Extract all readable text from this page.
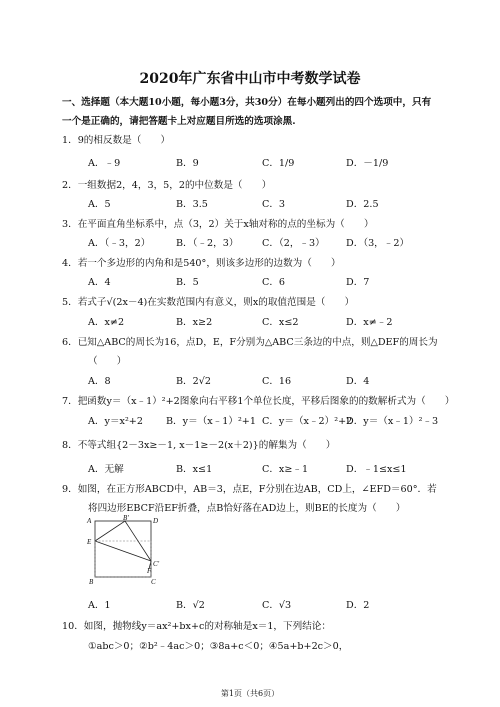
2020年广东省中山市中考数学试卷
一、选择题（本大题10小题，每小题3分，共30分）在每小题列出的四个选项中，只有
一个是正确的，请把答题卡上对应题目所选的选项涂黑.
1．9的相反数是（　　）
A．﹣9	B．9	C．1/9	D．－1/9
2．一组数据2，4，3，5，2的中位数是（　　）
A．5	B．3.5	C．3	D．2.5
3．在平面直角坐标系中，点（3，2）关于x轴对称的点的坐标为（　　）
A．（﹣3，2）	B．（﹣2，3） C．（2，﹣3） D．（3，﹣2）
4．若一个多边形的内角和是540°，则该多边形的边数为（　　）
A．4	B．5	C．6	D．7
5．若式子√(2x－4)在实数范围内有意义，则x的取值范围是（　　）
A．x≠2	B．x≥2	C．x≤2	D．x≠﹣2
6．已知△ABC的周长为16，点D，E，F分别为△ABC三条边的中点，则△DEF的周长为
（　　）
A．8	B．2√2	C．16	D．4
7．把函数y＝（x﹣1）²+2图象向右平移1个单位长度，平移后图象的的数解析式为（　　）
A．y＝x²+2 B．y＝（x﹣1）²+1 C．y＝（x﹣2）²+2
D．y＝（x﹣1）²﹣3
8．不等式组{2－3x≥－1, x－1≥－2(x＋2)}的解集为（　　）
A．无解	B．x≤1	C．x≥﹣1	D．﹣1≤x≤1
9．如图，在正方形ABCD中，AB＝3，点E，F分别在边AB，CD上，∠EFD＝60°．若
将四边形EBCF沿EF折叠，点B恰好落在AD边上，则BE的长度为（　　）
A	B′	D
E
C′
F
B	C
A．1	B．√2	C．√3	D．2
10．如图，抛物线y＝ax²+bx+c的对称轴是x＝1，下列结论：
①abc＞0；②b²﹣4ac＞0；③8a+c＜0；④5a+b+2c＞0，
第1页（共6页）
